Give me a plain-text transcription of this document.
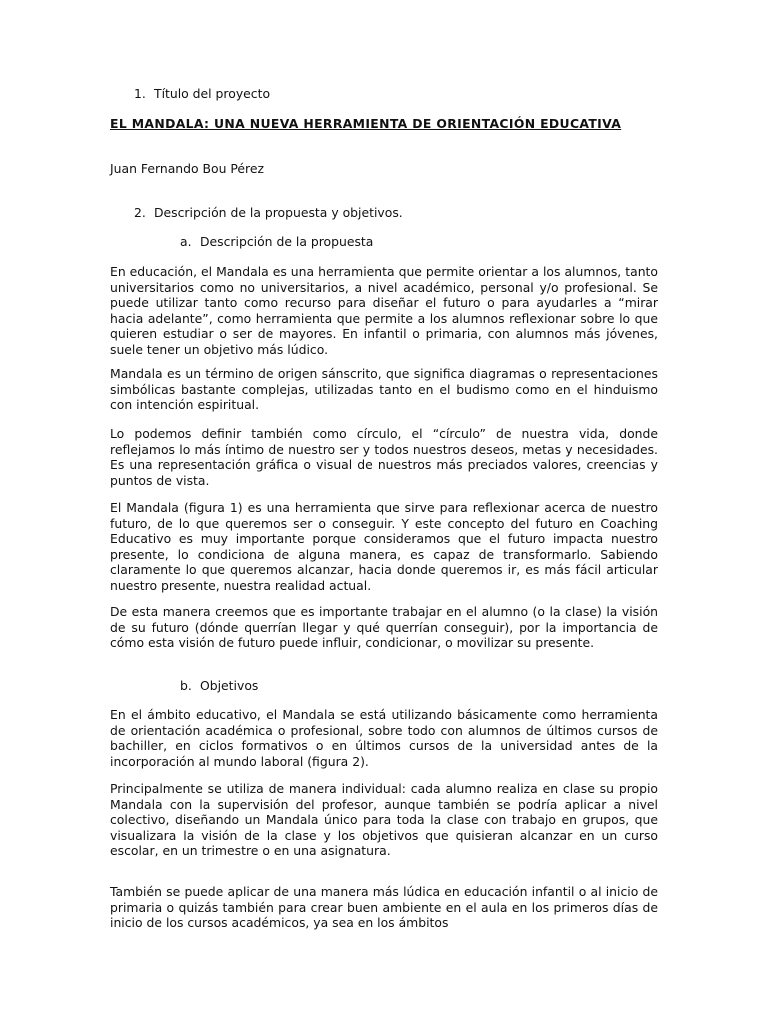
1. Título del proyecto
EL MANDALA: UNA NUEVA HERRAMIENTA DE ORIENTACIÓN EDUCATIVA
Juan Fernando Bou Pérez
2. Descripción de la propuesta y objetivos.
a. Descripción de la propuesta

En educación, el Mandala es una herramienta que permite orientar a los alumnos, tanto universitarios como no universitarios, a nivel académico, personal y/o profesional. Se puede utilizar tanto como recurso para diseñar el futuro o para ayudarles a “mirar hacia adelante”, como herramienta que permite a los alumnos reflexionar sobre lo que quieren estudiar o ser de mayores. En infantil o primaria, con alumnos más jóvenes, suele tener un objetivo más lúdico.

Mandala es un término de origen sánscrito, que significa diagramas o representaciones simbólicas bastante complejas, utilizadas tanto en el budismo como en el hinduismo con intención espiritual.

Lo podemos definir también como círculo, el “círculo” de nuestra vida, donde reflejamos lo más íntimo de nuestro ser y todos nuestros deseos, metas y necesidades. Es una representación gráfica o visual de nuestros más preciados valores, creencias y puntos de vista.

El Mandala (figura 1) es una herramienta que sirve para reflexionar acerca de nuestro futuro, de lo que queremos ser o conseguir. Y este concepto del futuro en Coaching Educativo es muy importante porque consideramos que el futuro impacta nuestro presente, lo condiciona de alguna manera, es capaz de transformarlo. Sabiendo claramente lo que queremos alcanzar, hacia donde queremos ir, es más fácil articular nuestro presente, nuestra realidad actual.

De esta manera creemos que es importante trabajar en el alumno (o la clase) la visión de su futuro (dónde querrían llegar y qué querrían conseguir), por la importancia de cómo esta visión de futuro puede influir, condicionar, o movilizar su presente.

b. Objetivos

En el ámbito educativo, el Mandala se está utilizando básicamente como herramienta de orientación académica o profesional, sobre todo con alumnos de últimos cursos de bachiller, en ciclos formativos o en últimos cursos de la universidad antes de la incorporación al mundo laboral (figura 2).

Principalmente se utiliza de manera individual: cada alumno realiza en clase su propio Mandala con la supervisión del profesor, aunque también se podría aplicar a nivel colectivo, diseñando un Mandala único para toda la clase con trabajo en grupos, que visualizara la visión de la clase y los objetivos que quisieran alcanzar en un curso escolar, en un trimestre o en una asignatura.

También se puede aplicar de una manera más lúdica en educación infantil o al inicio de primaria o quizás también para crear buen ambiente en el aula en los primeros días de inicio de los cursos académicos, ya sea en los ámbitos
